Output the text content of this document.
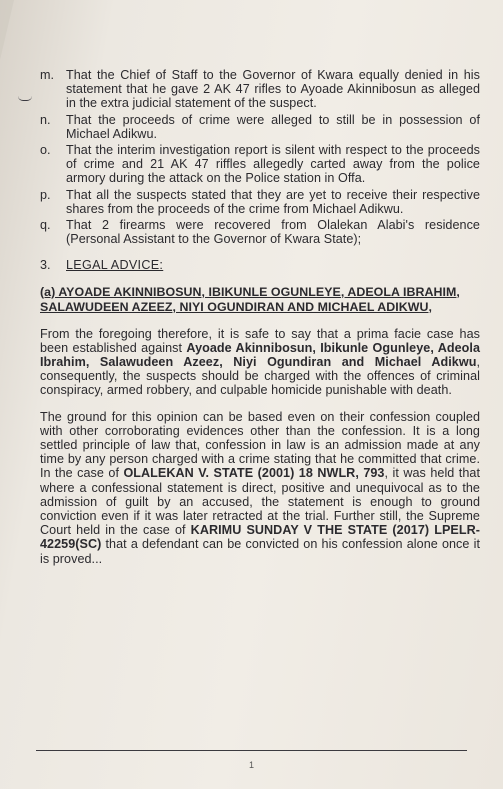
m. That the Chief of Staff to the Governor of Kwara equally denied in his statement that he gave 2 AK 47 rifles to Ayoade Akinnibosun as alleged in the extra judicial statement of the suspect.
n.	That the proceeds of crime were alleged to still be in possession of Michael Adikwu.
o.	That the interim investigation report is silent with respect to the proceeds of crime and 21 AK 47 riffles allegedly carted away from the police armory during the attack on the Police station in Offa.
p.	That all the suspects stated that they are yet to receive their respective shares from the proceeds of the crime from Michael Adikwu.
q.	That 2 firearms were recovered from Olalekan Alabi's residence (Personal Assistant to the Governor of Kwara State);
3.	LEGAL ADVICE:
(a) AYOADE AKINNIBOSUN, IBIKUNLE OGUNLEYE, ADEOLA IBRAHIM, SALAWUDEEN AZEEZ, NIYI OGUNDIRAN AND MICHAEL ADIKWU,
From the foregoing therefore, it is safe to say that a prima facie case has been established against Ayoade Akinnibosun, Ibikunle Ogunleye, Adeola Ibrahim, Salawudeen Azeez, Niyi Ogundiran and Michael Adikwu, consequently, the suspects should be charged with the offences of criminal conspiracy, armed robbery, and culpable homicide punishable with death.
The ground for this opinion can be based even on their confession coupled with other corroborating evidences other than the confession. It is a long settled principle of law that, confession in law is an admission made at any time by any person charged with a crime stating that he committed that crime. In the case of OLALEKAN V. STATE (2001) 18 NWLR, 793, it was held that where a confessional statement is direct, positive and unequivocal as to the admission of guilt by an accused, the statement is enough to ground conviction even if it was later retracted at the trial. Further still, the Supreme Court held in the case of KARIMU SUNDAY V THE STATE (2017) LPELR-42259(SC) that a defendant can be convicted on his confession alone once it is proved...
1
